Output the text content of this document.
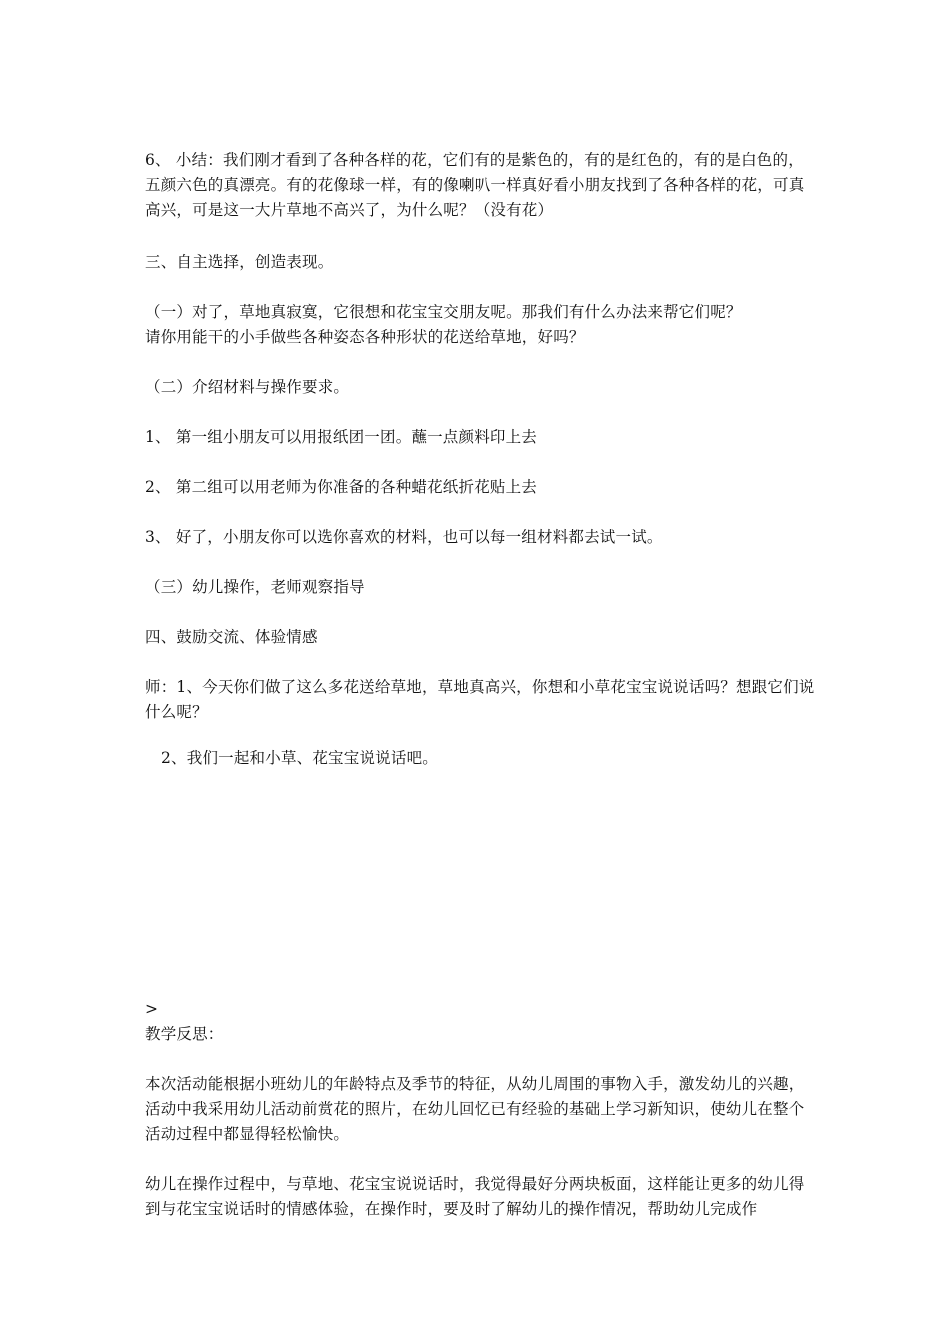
6、 小结：我们刚才看到了各种各样的花，它们有的是紫色的，有的是红色的，有的是白色的，五颜六色的真漂亮。有的花像球一样，有的像喇叭一样真好看小朋友找到了各种各样的花，可真高兴，可是这一大片草地不高兴了，为什么呢？（没有花）
三、自主选择，创造表现。
（一）对了，草地真寂寞，它很想和花宝宝交朋友呢。那我们有什么办法来帮它们呢？
请你用能干的小手做些各种姿态各种形状的花送给草地，好吗？
（二）介绍材料与操作要求。
1、 第一组小朋友可以用报纸团一团。蘸一点颜料印上去
2、 第二组可以用老师为你准备的各种蜡花纸折花贴上去
3、 好了，小朋友你可以选你喜欢的材料，也可以每一组材料都去试一试。
（三）幼儿操作，老师观察指导
四、鼓励交流、体验情感
师：1、今天你们做了这么多花送给草地，草地真高兴，你想和小草花宝宝说说话吗？想跟它们说什么呢？
2、我们一起和小草、花宝宝说说话吧。
>
教学反思：
本次活动能根据小班幼儿的年龄特点及季节的特征，从幼儿周围的事物入手，激发幼儿的兴趣，活动中我采用幼儿活动前赏花的照片，在幼儿回忆已有经验的基础上学习新知识，使幼儿在整个活动过程中都显得轻松愉快。
幼儿在操作过程中，与草地、花宝宝说说话时，我觉得最好分两块板面，这样能让更多的幼儿得到与花宝宝说话时的情感体验，在操作时，要及时了解幼儿的操作情况，帮助幼儿完成作
